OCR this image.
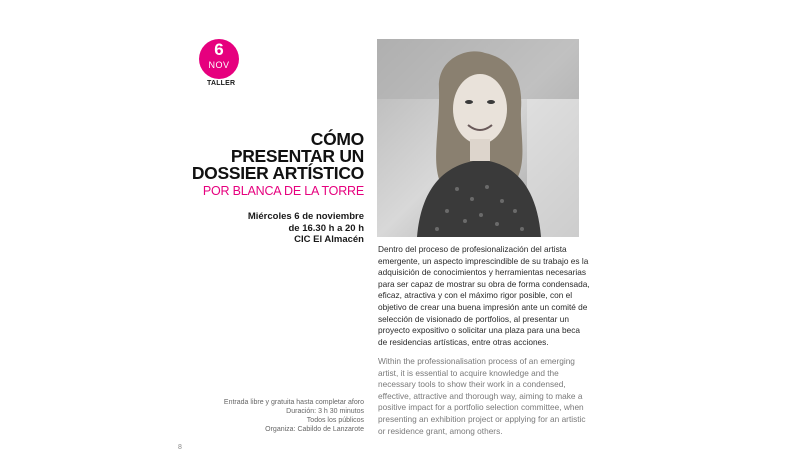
6
NOV
TALLER
CÓMO
PRESENTAR UN
DOSSIER ARTÍSTICO
POR BLANCA DE LA TORRE
Miércoles 6 de noviembre
de 16.30 h a 20 h
CIC El Almacén

Dentro del proceso de profesionalización del artista emergente, un aspecto imprescindible de su trabajo es la adquisición de conocimientos y herramientas necesarias para ser capaz de mostrar su obra de forma condensada, eficaz, atractiva y con el máximo rigor posible, con el objetivo de crear una buena impresión ante un comité de selección de visionado de portfolios, al presentar un proyecto expositivo o solicitar una plaza para una beca de residencias artísticas, entre otras acciones.

Within the professionalisation process of an emerging artist, it is essential to acquire knowledge and the necessary tools to show their work in a condensed, effective, attractive and thorough way, aiming to make a positive impact for a portfolio selection committee, when presenting an exhibition project or applying for an artistic or residence grant, among others.

Entrada libre y gratuita hasta completar aforo
Duración: 3 h 30 minutos
Todos los públicos
Organiza: Cabildo de Lanzarote
8
